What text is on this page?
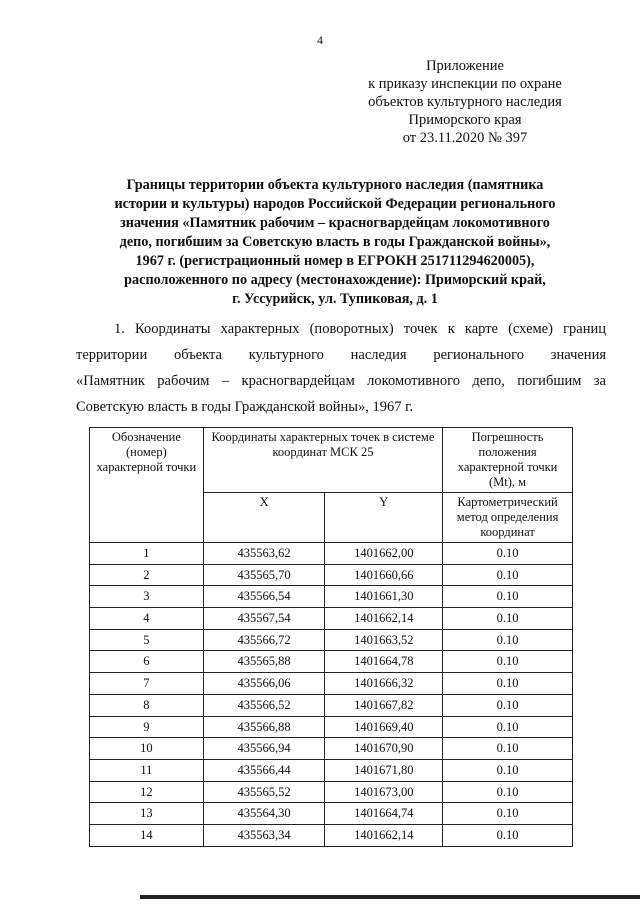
4
Приложение
к приказу инспекции по охране
объектов культурного наследия
Приморского края
от 23.11.2020 № 397
Границы территории объекта культурного наследия (памятника
истории и культуры) народов Российской Федерации регионального
значения «Памятник рабочим – красногвардейцам локомотивного
депо, погибшим за Советскую власть в годы Гражданской войны»,
1967 г. (регистрационный номер в ЕГРОКН 251711294620005),
расположенного по адресу (местонахождение): Приморский край,
г. Уссурийск, ул. Тупиковая, д. 1
1. Координаты характерных (поворотных) точек к карте (схеме) границ
территории объекта культурного наследия регионального значения
«Памятник рабочим – красногвардейцам локомотивного депо, погибшим за
Советскую власть в годы Гражданской войны», 1967 г.
Обозначение (номер) характерной точки	Координаты характерных точек в системе координат МСК 25		Погрешность положения характерной точки (Mt), м
	X	Y	Картометрический метод определения координат
1	435563,62	1401662,00	0.10
2	435565,70	1401660,66	0.10
3	435566,54	1401661,30	0.10
4	435567,54	1401662,14	0.10
5	435566,72	1401663,52	0.10
6	435565,88	1401664,78	0.10
7	435566,06	1401666,32	0.10
8	435566,52	1401667,82	0.10
9	435566,88	1401669,40	0.10
10	435566,94	1401670,90	0.10
11	435566,44	1401671,80	0.10
12	435565,52	1401673,00	0.10
13	435564,30	1401664,74	0.10
14	435563,34	1401662,14	0.10
